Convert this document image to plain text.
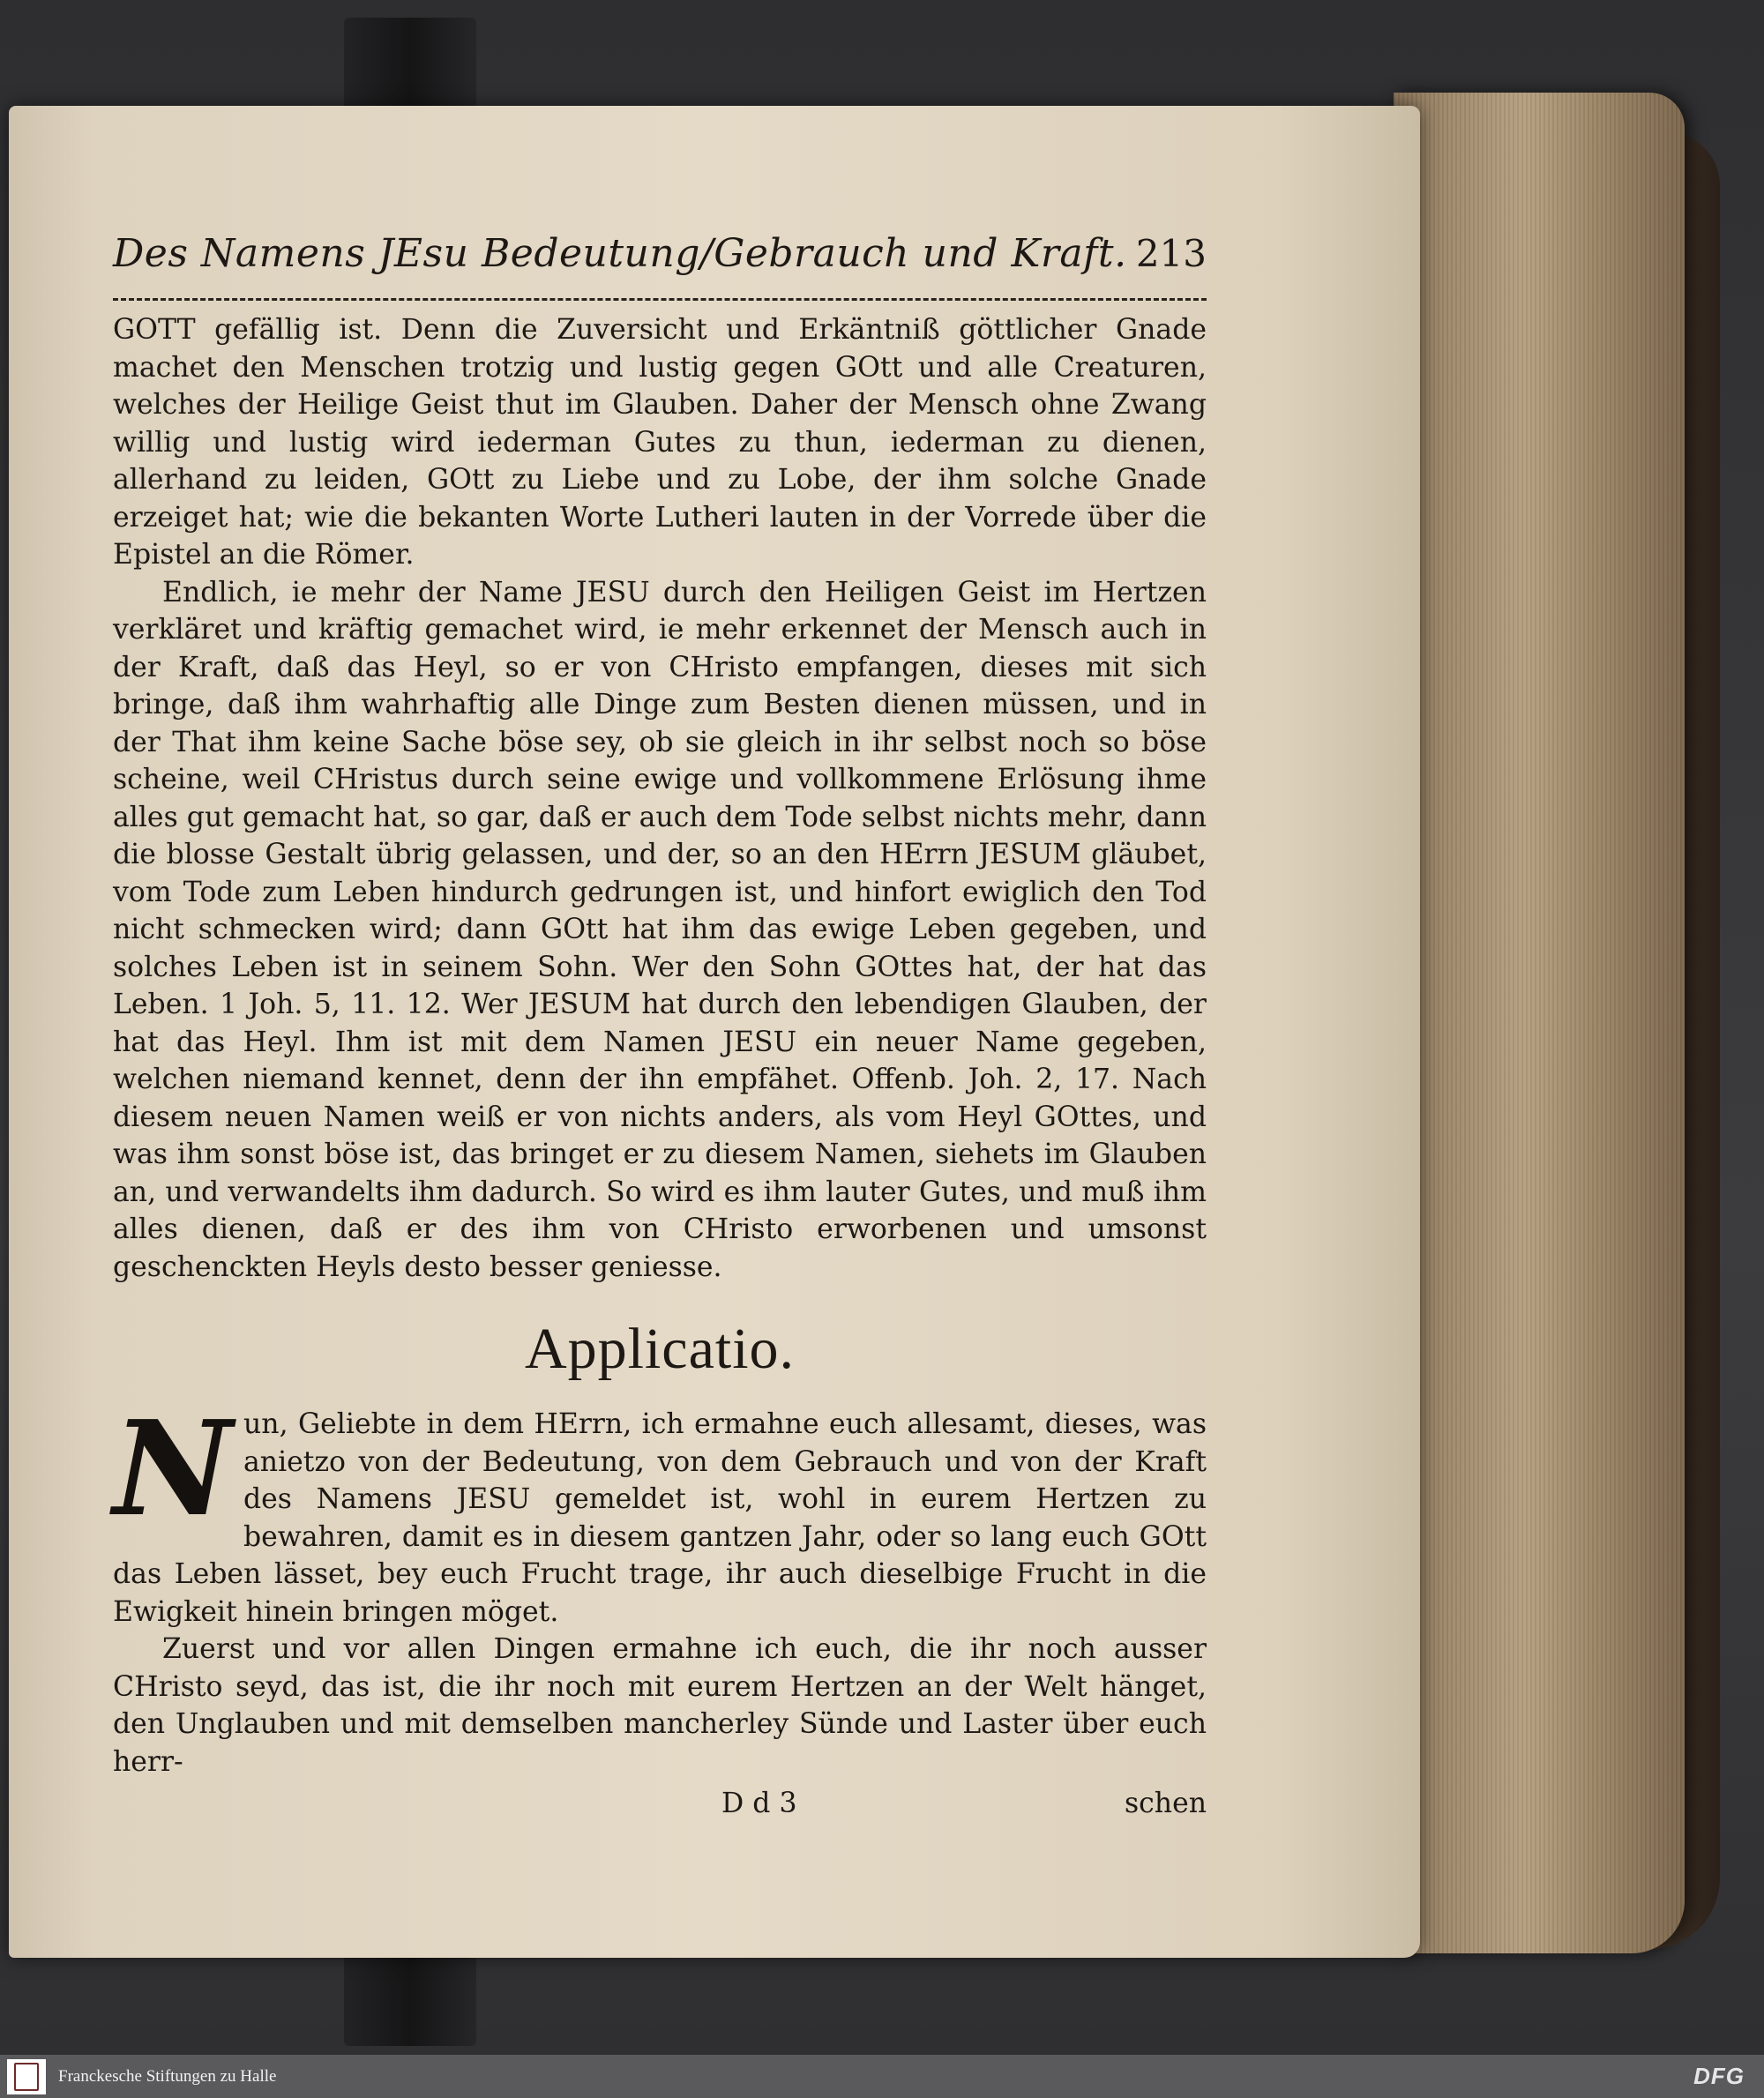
Des Namens JEsu Bedeutung/Gebrauch und Kraft. 213

GOTT gefällig ist. Denn die Zuversicht und Erkäntniß göttlicher Gnade machet den Menschen trotzig und lustig gegen GOtt und alle Creaturen, welches der Heilige Geist thut im Glauben. Daher der Mensch ohne Zwang willig und lustig wird iederman Gutes zu thun, iederman zu dienen, allerhand zu leiden, GOtt zu Liebe und zu Lobe, der ihm solche Gnade erzeiget hat; wie die bekanten Worte Lutheri lauten in der Vorrede über die Epistel an die Römer.

Endlich, ie mehr der Name JESU durch den Heiligen Geist im Hertzen verkläret und kräftig gemachet wird, ie mehr erkennet der Mensch auch in der Kraft, daß das Heyl, so er von CHristo empfangen, dieses mit sich bringe, daß ihm wahrhaftig alle Dinge zum Besten dienen müssen, und in der That ihm keine Sache böse sey, ob sie gleich in ihr selbst noch so böse scheine, weil CHristus durch seine ewige und vollkommene Erlösung ihme alles gut gemacht hat, so gar, daß er auch dem Tode selbst nichts mehr, dann die blosse Gestalt übrig gelassen, und der, so an den HErrn JESUM gläubet, vom Tode zum Leben hindurch gedrungen ist, und hinfort ewiglich den Tod nicht schmecken wird; dann GOtt hat ihm das ewige Leben gegeben, und solches Leben ist in seinem Sohn. Wer den Sohn GOttes hat, der hat das Leben. 1 Joh. 5, 11. 12. Wer JESUM hat durch den lebendigen Glauben, der hat das Heyl. Ihm ist mit dem Namen JESU ein neuer Name gegeben, welchen niemand kennet, denn der ihn empfähet. Offenb. Joh. 2, 17. Nach diesem neuen Namen weiß er von nichts anders, als vom Heyl GOttes, und was ihm sonst böse ist, das bringet er zu diesem Namen, siehets im Glauben an, und verwandelts ihm dadurch. So wird es ihm lauter Gutes, und muß ihm alles dienen, daß er des ihm von CHristo erworbenen und umsonst geschenckten Heyls desto besser geniesse.

Applicatio.
N un, Geliebte in dem HErrn, ich ermahne euch allesamt, dieses, was anietzo von der Bedeutung, von dem Gebrauch und von der Kraft des Namens JESU gemeldet ist, wohl in eurem Hertzen zu bewahren, damit es in diesem gantzen Jahr, oder so lang euch GOtt das Leben lässet, bey euch Frucht trage, ihr auch dieselbige Frucht in die Ewigkeit hinein bringen möget.

Zuerst und vor allen Dingen ermahne ich euch, die ihr noch ausser CHristo seyd, das ist, die ihr noch mit eurem Hertzen an der Welt hänget, den Unglauben und mit demselben mancherley Sünde und Laster über euch herr-

D d 3	schen
Franckesche Stiftungen zu Halle	DFG
